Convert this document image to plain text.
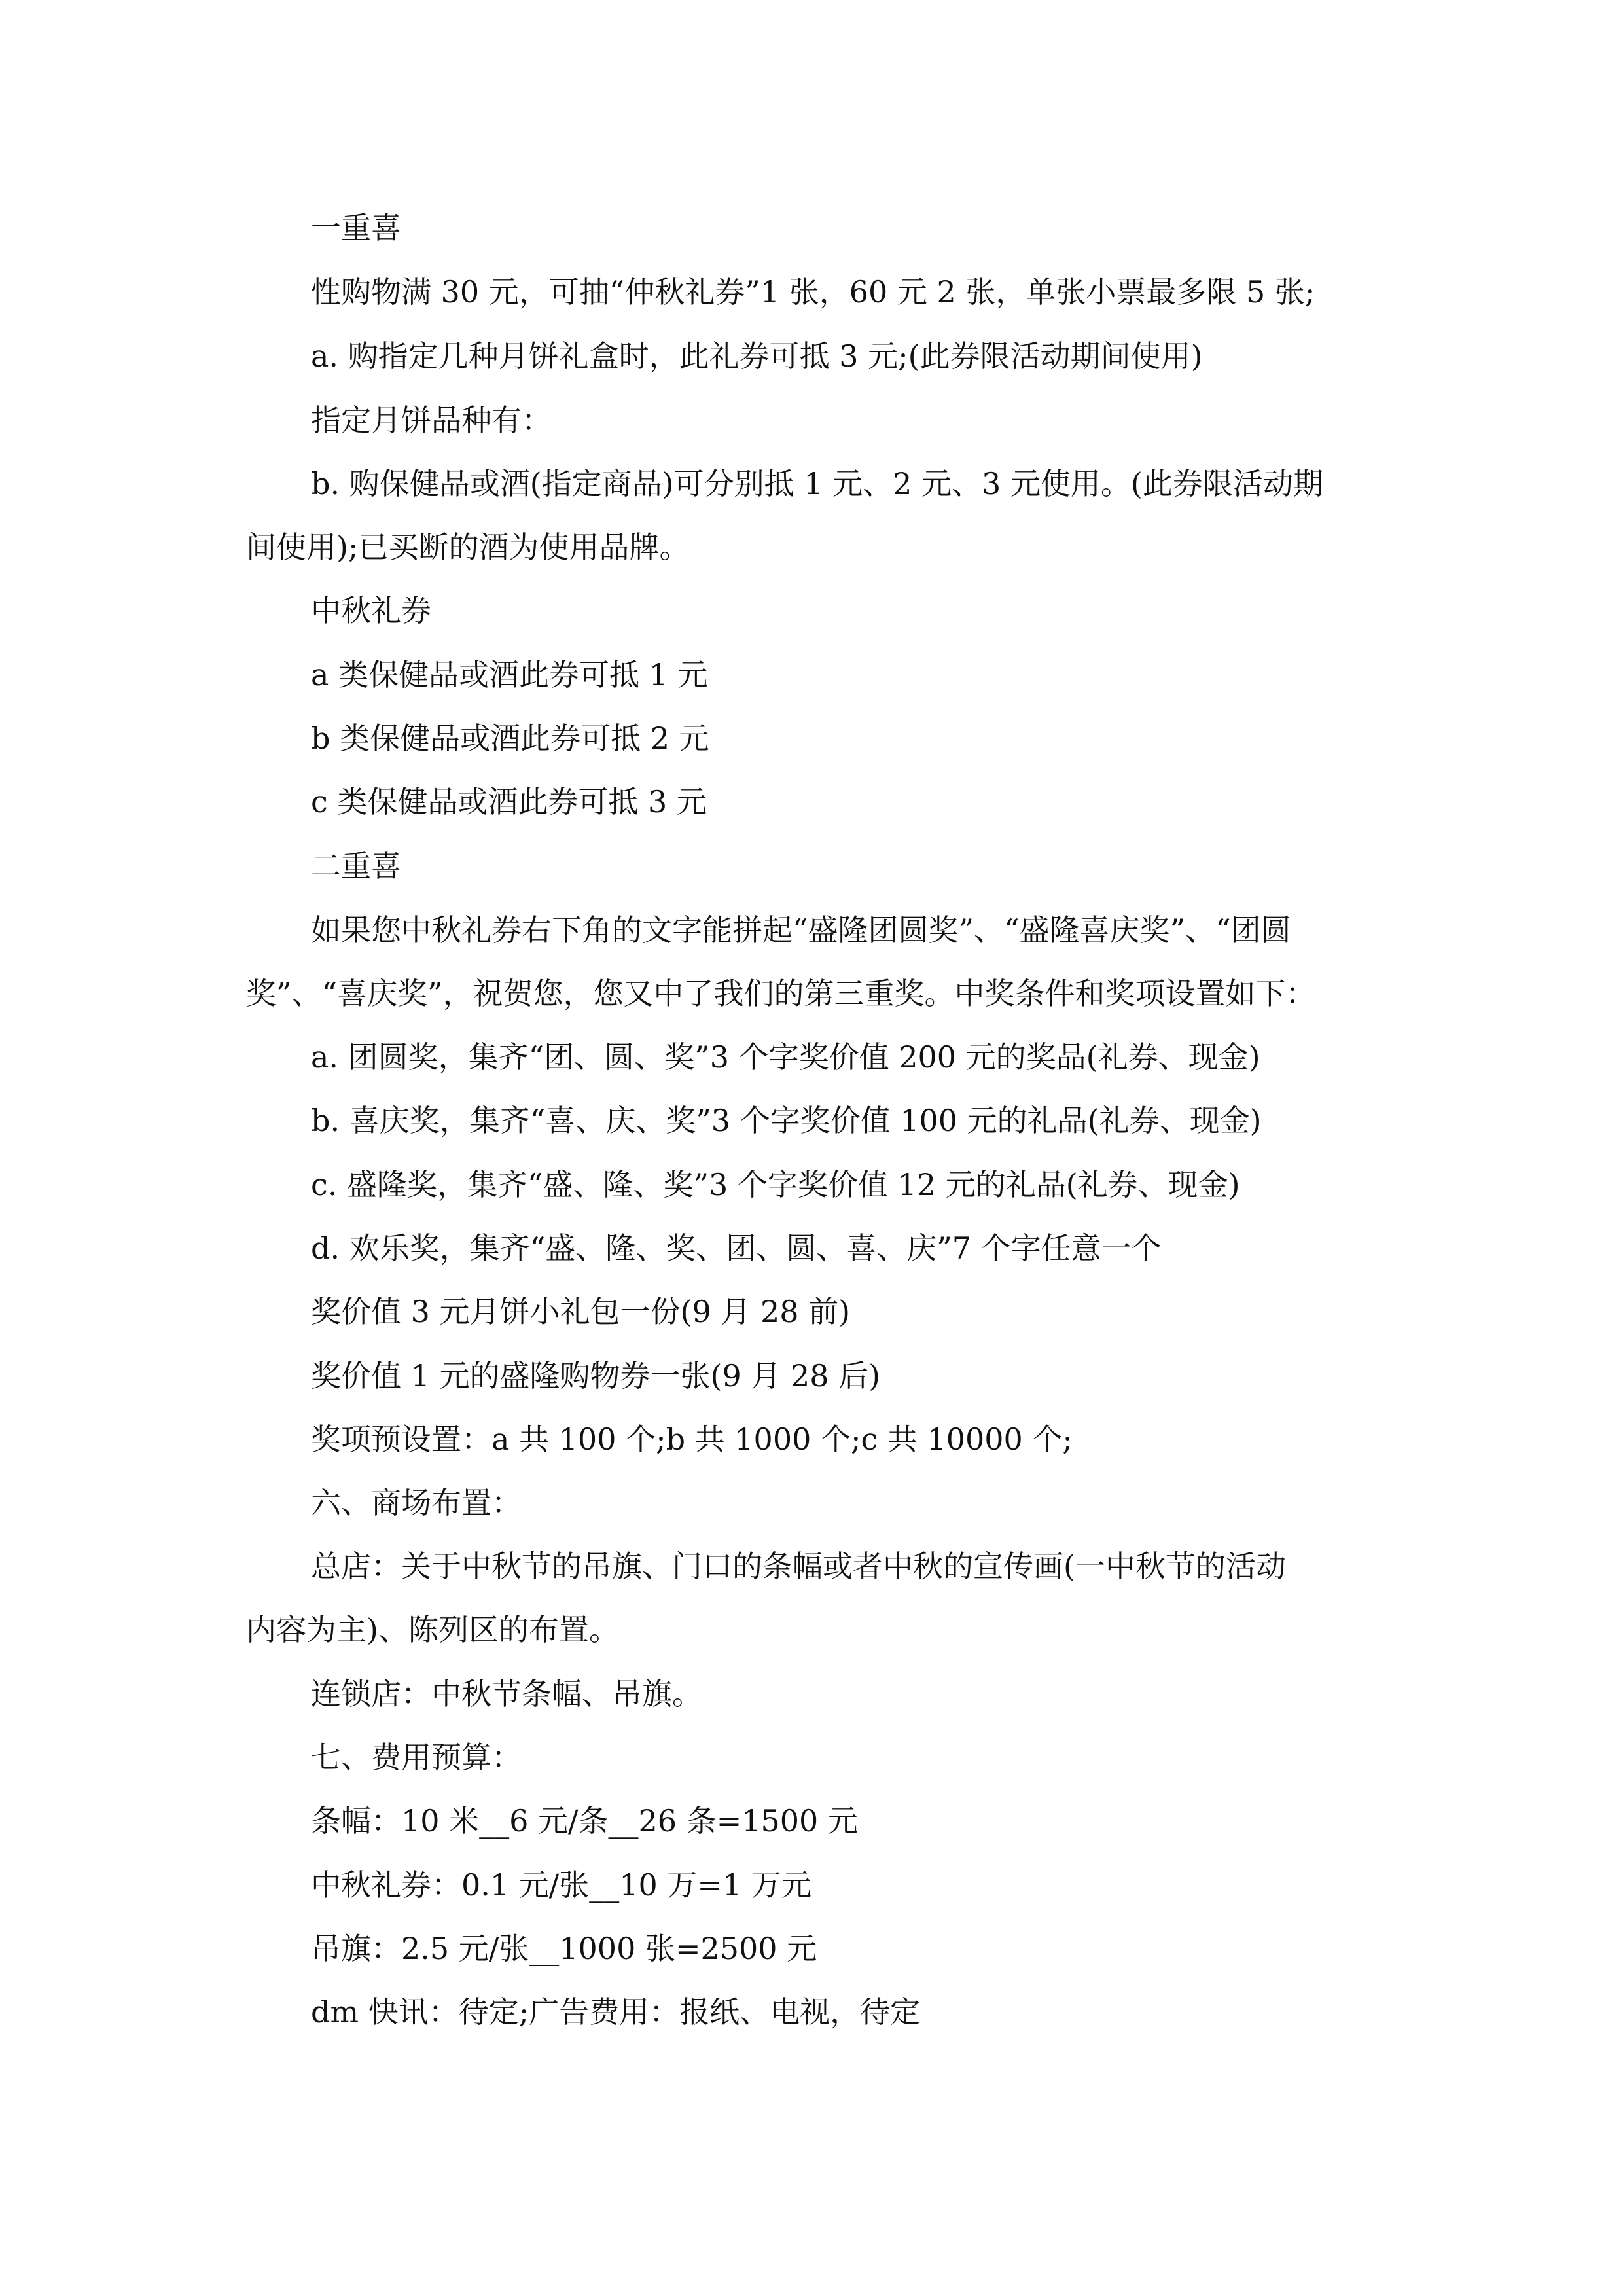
一重喜
性购物满 30 元，可抽“仲秋礼券”1 张，60 元 2 张，单张小票最多限 5 张;
a. 购指定几种月饼礼盒时，此礼券可抵 3 元;(此券限活动期间使用)
指定月饼品种有：
b. 购保健品或酒(指定商品)可分别抵 1 元、2 元、3 元使用。(此券限活动期
间使用);已买断的酒为使用品牌。
中秋礼券
a 类保健品或酒此券可抵 1 元
b 类保健品或酒此券可抵 2 元
c 类保健品或酒此券可抵 3 元
二重喜
如果您中秋礼券右下角的文字能拼起“盛隆团圆奖”、“盛隆喜庆奖”、“团圆
奖”、“喜庆奖”，祝贺您，您又中了我们的第三重奖。中奖条件和奖项设置如下：
a. 团圆奖，集齐“团、圆、奖”3 个字奖价值 200 元的奖品(礼券、现金)
b. 喜庆奖，集齐“喜、庆、奖”3 个字奖价值 100 元的礼品(礼券、现金)
c. 盛隆奖，集齐“盛、隆、奖”3 个字奖价值 12 元的礼品(礼券、现金)
d. 欢乐奖，集齐“盛、隆、奖、团、圆、喜、庆”7 个字任意一个
奖价值 3 元月饼小礼包一份(9 月 28 前)
奖价值 1 元的盛隆购物券一张(9 月 28 后)
奖项预设置：a 共 100 个;b 共 1000 个;c 共 10000 个;
六、商场布置：
总店：关于中秋节的吊旗、门口的条幅或者中秋的宣传画(一中秋节的活动
内容为主)、陈列区的布置。
连锁店：中秋节条幅、吊旗。
七、费用预算：
条幅：10 米__6 元/条__26 条=1500 元
中秋礼券：0.1 元/张__10 万=1 万元
吊旗：2.5 元/张__1000 张=2500 元
dm 快讯：待定;广告费用：报纸、电视，待定
